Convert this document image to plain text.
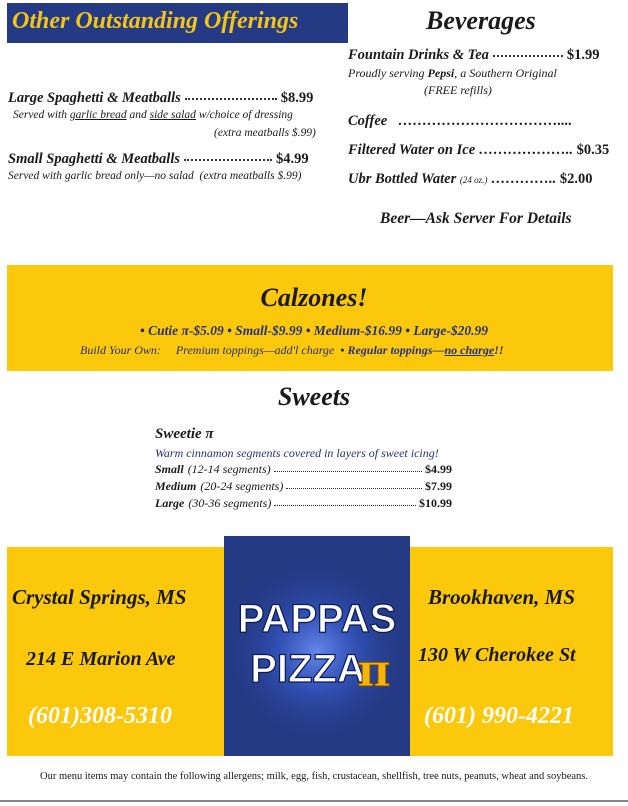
Other Outstanding Offerings
Large Spaghetti & Meatballs	$8.99
Served with garlic bread and side salad w/choice of dressing
(extra meatballs $.99)
Small Spaghetti & Meatballs	$4.99
Served with garlic bread only—no salad (extra meatballs $.99)
Beverages
Fountain Drinks & Tea	$1.99
Proudly serving Pepsi, a Southern Original
(FREE refills)
Coffee ……………………………....
Filtered Water on Ice ……………….. $0.35
Ubr Bottled Water (24 oz.) ………….. $2.00
Beer—Ask Server For Details
Calzones!
• Cutie π-$5.09 • Small-$9.99 • Medium-$16.99 • Large-$20.99
Build Your Own: Premium toppings—add'l charge • Regular toppings—no charge!!
Sweets
Sweetie π
Warm cinnamon segments covered in layers of sweet icing!
Small (12-14 segments)	$4.99
Medium (20-24 segments)	$7.99
Large (30-36 segments)	$10.99
Crystal Springs, MS
214 E Marion Ave
(601)308-5310
Brookhaven, MS
130 W Cherokee St
(601) 990-4221
PAPPAS
PIZZA
π
Our menu items may contain the following allergens; milk, egg, fish, crustacean, shellfish, tree nuts, peanuts, wheat and soybeans.
